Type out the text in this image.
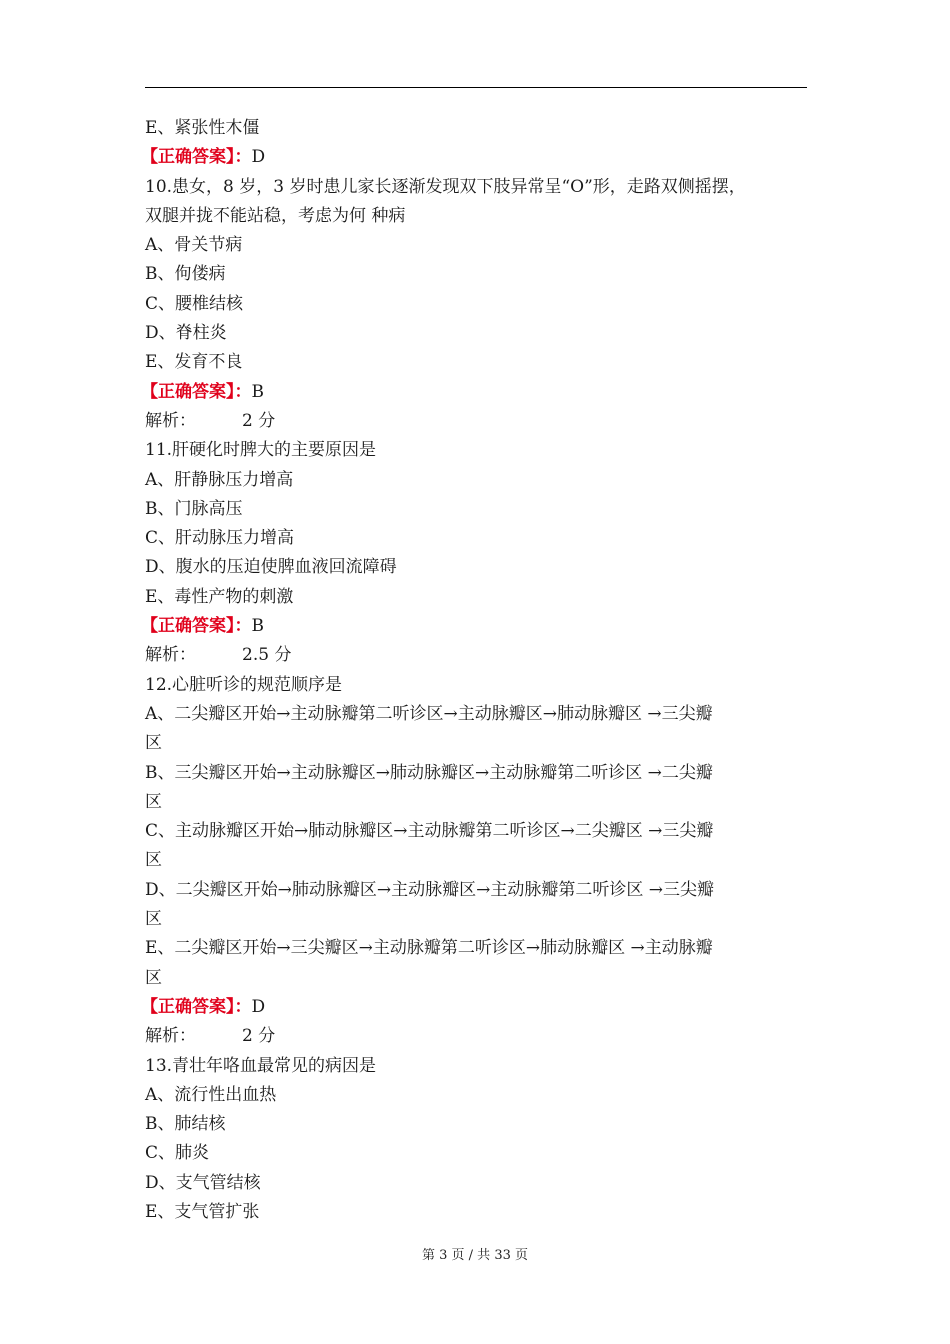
E、紧张性木僵

【正确答案】：D

10.患女，8 岁，3 岁时患儿家长逐渐发现双下肢异常呈“O”形，走路双侧摇摆，

双腿并拢不能站稳，考虑为何 种病

A、骨关节病

B、佝偻病

C、腰椎结核

D、脊柱炎

E、发育不良

【正确答案】：B

解析：	2 分

11.肝硬化时脾大的主要原因是

A、肝静脉压力增高

B、门脉高压

C、肝动脉压力增高

D、腹水的压迫使脾血液回流障碍

E、毒性产物的刺激

【正确答案】：B

解析：	2.5 分

12.心脏听诊的规范顺序是

A、二尖瓣区开始→主动脉瓣第二听诊区→主动脉瓣区→肺动脉瓣区 →三尖瓣

区

B、三尖瓣区开始→主动脉瓣区→肺动脉瓣区→主动脉瓣第二听诊区 →二尖瓣

区

C、主动脉瓣区开始→肺动脉瓣区→主动脉瓣第二听诊区→二尖瓣区 →三尖瓣

区

D、二尖瓣区开始→肺动脉瓣区→主动脉瓣区→主动脉瓣第二听诊区 →三尖瓣

区

E、二尖瓣区开始→三尖瓣区→主动脉瓣第二听诊区→肺动脉瓣区 →主动脉瓣

区

【正确答案】：D

解析：	2 分

13.青壮年咯血最常见的病因是

A、流行性出血热

B、肺结核

C、肺炎

D、支气管结核

E、支气管扩张

第 3 页 / 共 33 页
